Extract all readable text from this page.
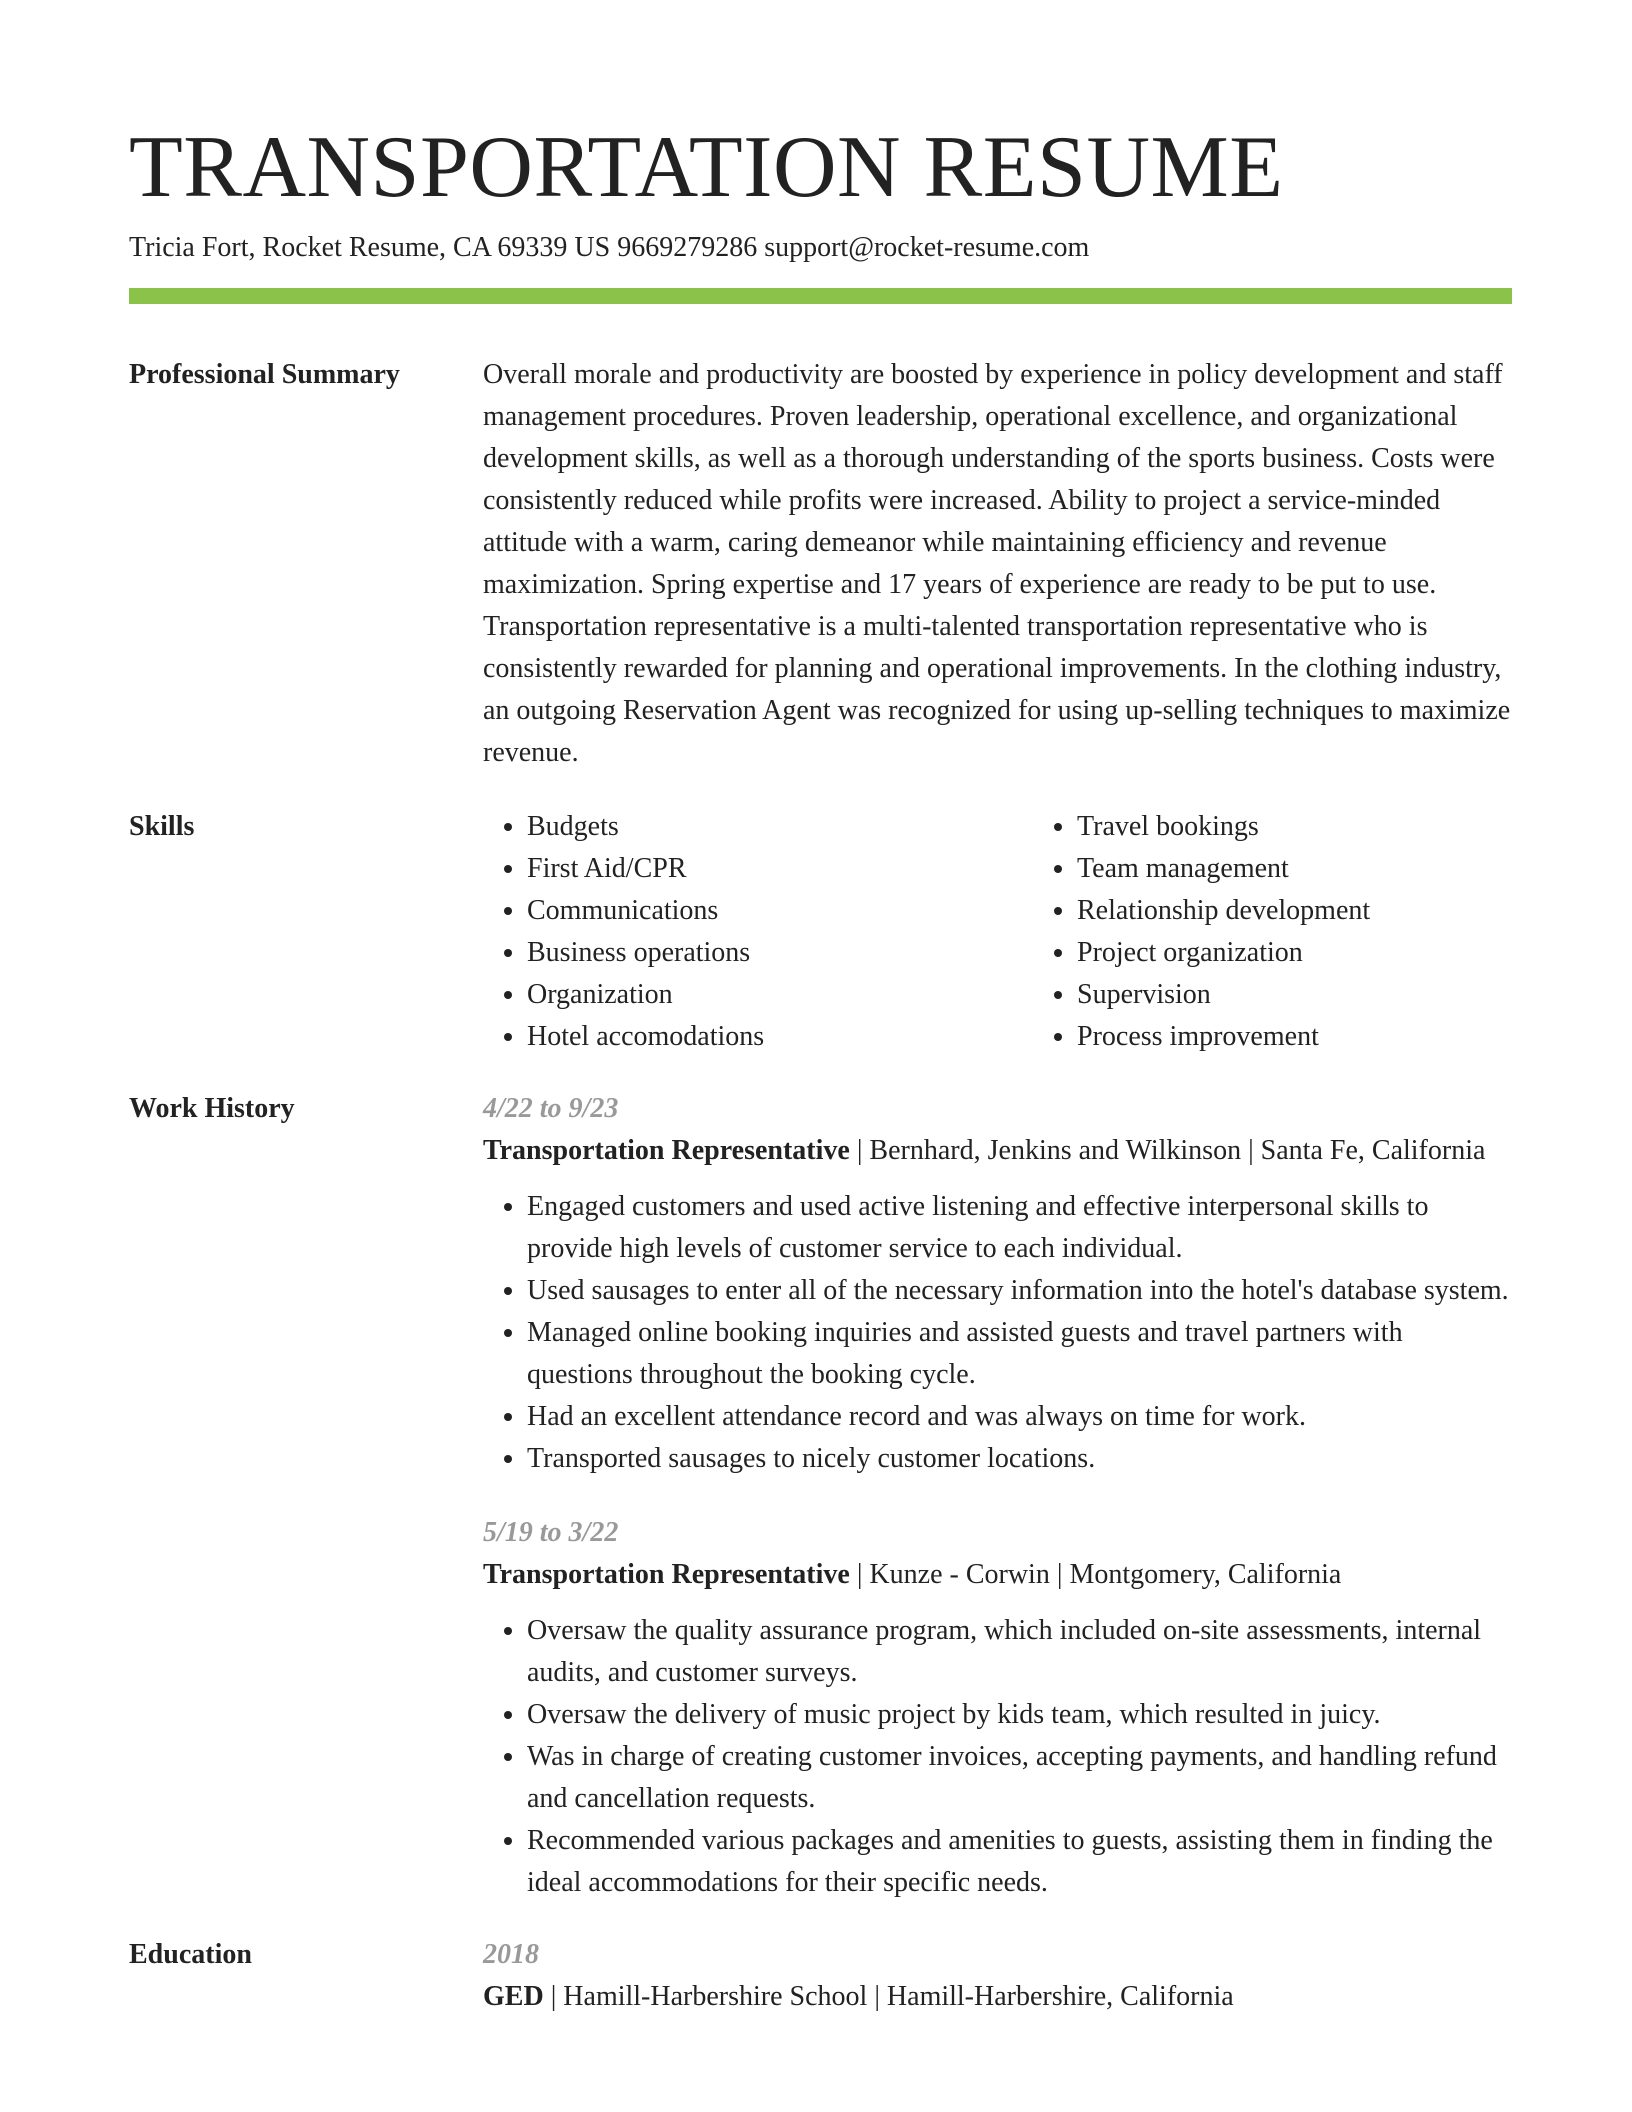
TRANSPORTATION RESUME
Tricia Fort, Rocket Resume, CA 69339 US 9669279286 support@rocket-resume.com
Professional Summary	Overall morale and productivity are boosted by experience in policy development and staff management procedures. Proven leadership, operational excellence, and organizational development skills, as well as a thorough understanding of the sports business. Costs were consistently reduced while profits were increased. Ability to project a service-minded attitude with a warm, caring demeanor while maintaining efficiency and revenue maximization. Spring expertise and 17 years of experience are ready to be put to use. Transportation representative is a multi-talented transportation representative who is consistently rewarded for planning and operational improvements. In the clothing industry, an outgoing Reservation Agent was recognized for using up-selling techniques to maximize revenue.

Skills
•	Budgets
• First Aid/CPR
• Communications
• Business operations
• Organization
• Hotel accomodations
• Travel bookings
• Team management
• Relationship development
• Project organization
• Supervision
• Process improvement
Work History	4/22 to 9/23
Transportation Representative | Bernhard, Jenkins and Wilkinson | Santa Fe, California
• Engaged customers and used active listening and effective interpersonal skills to provide high levels of customer service to each individual.
• Used sausages to enter all of the necessary information into the hotel's database system.
• Managed online booking inquiries and assisted guests and travel partners with questions throughout the booking cycle.
• Had an excellent attendance record and was always on time for work.
• Transported sausages to nicely customer locations.
5/19 to 3/22
Transportation Representative | Kunze - Corwin | Montgomery, California
• Oversaw the quality assurance program, which included on-site assessments, internal audits, and customer surveys.
• Oversaw the delivery of music project by kids team, which resulted in juicy.
• Was in charge of creating customer invoices, accepting payments, and handling refund and cancellation requests.
• Recommended various packages and amenities to guests, assisting them in finding the ideal accommodations for their specific needs.
Education	2018
GED | Hamill-Harbershire School | Hamill-Harbershire, California
